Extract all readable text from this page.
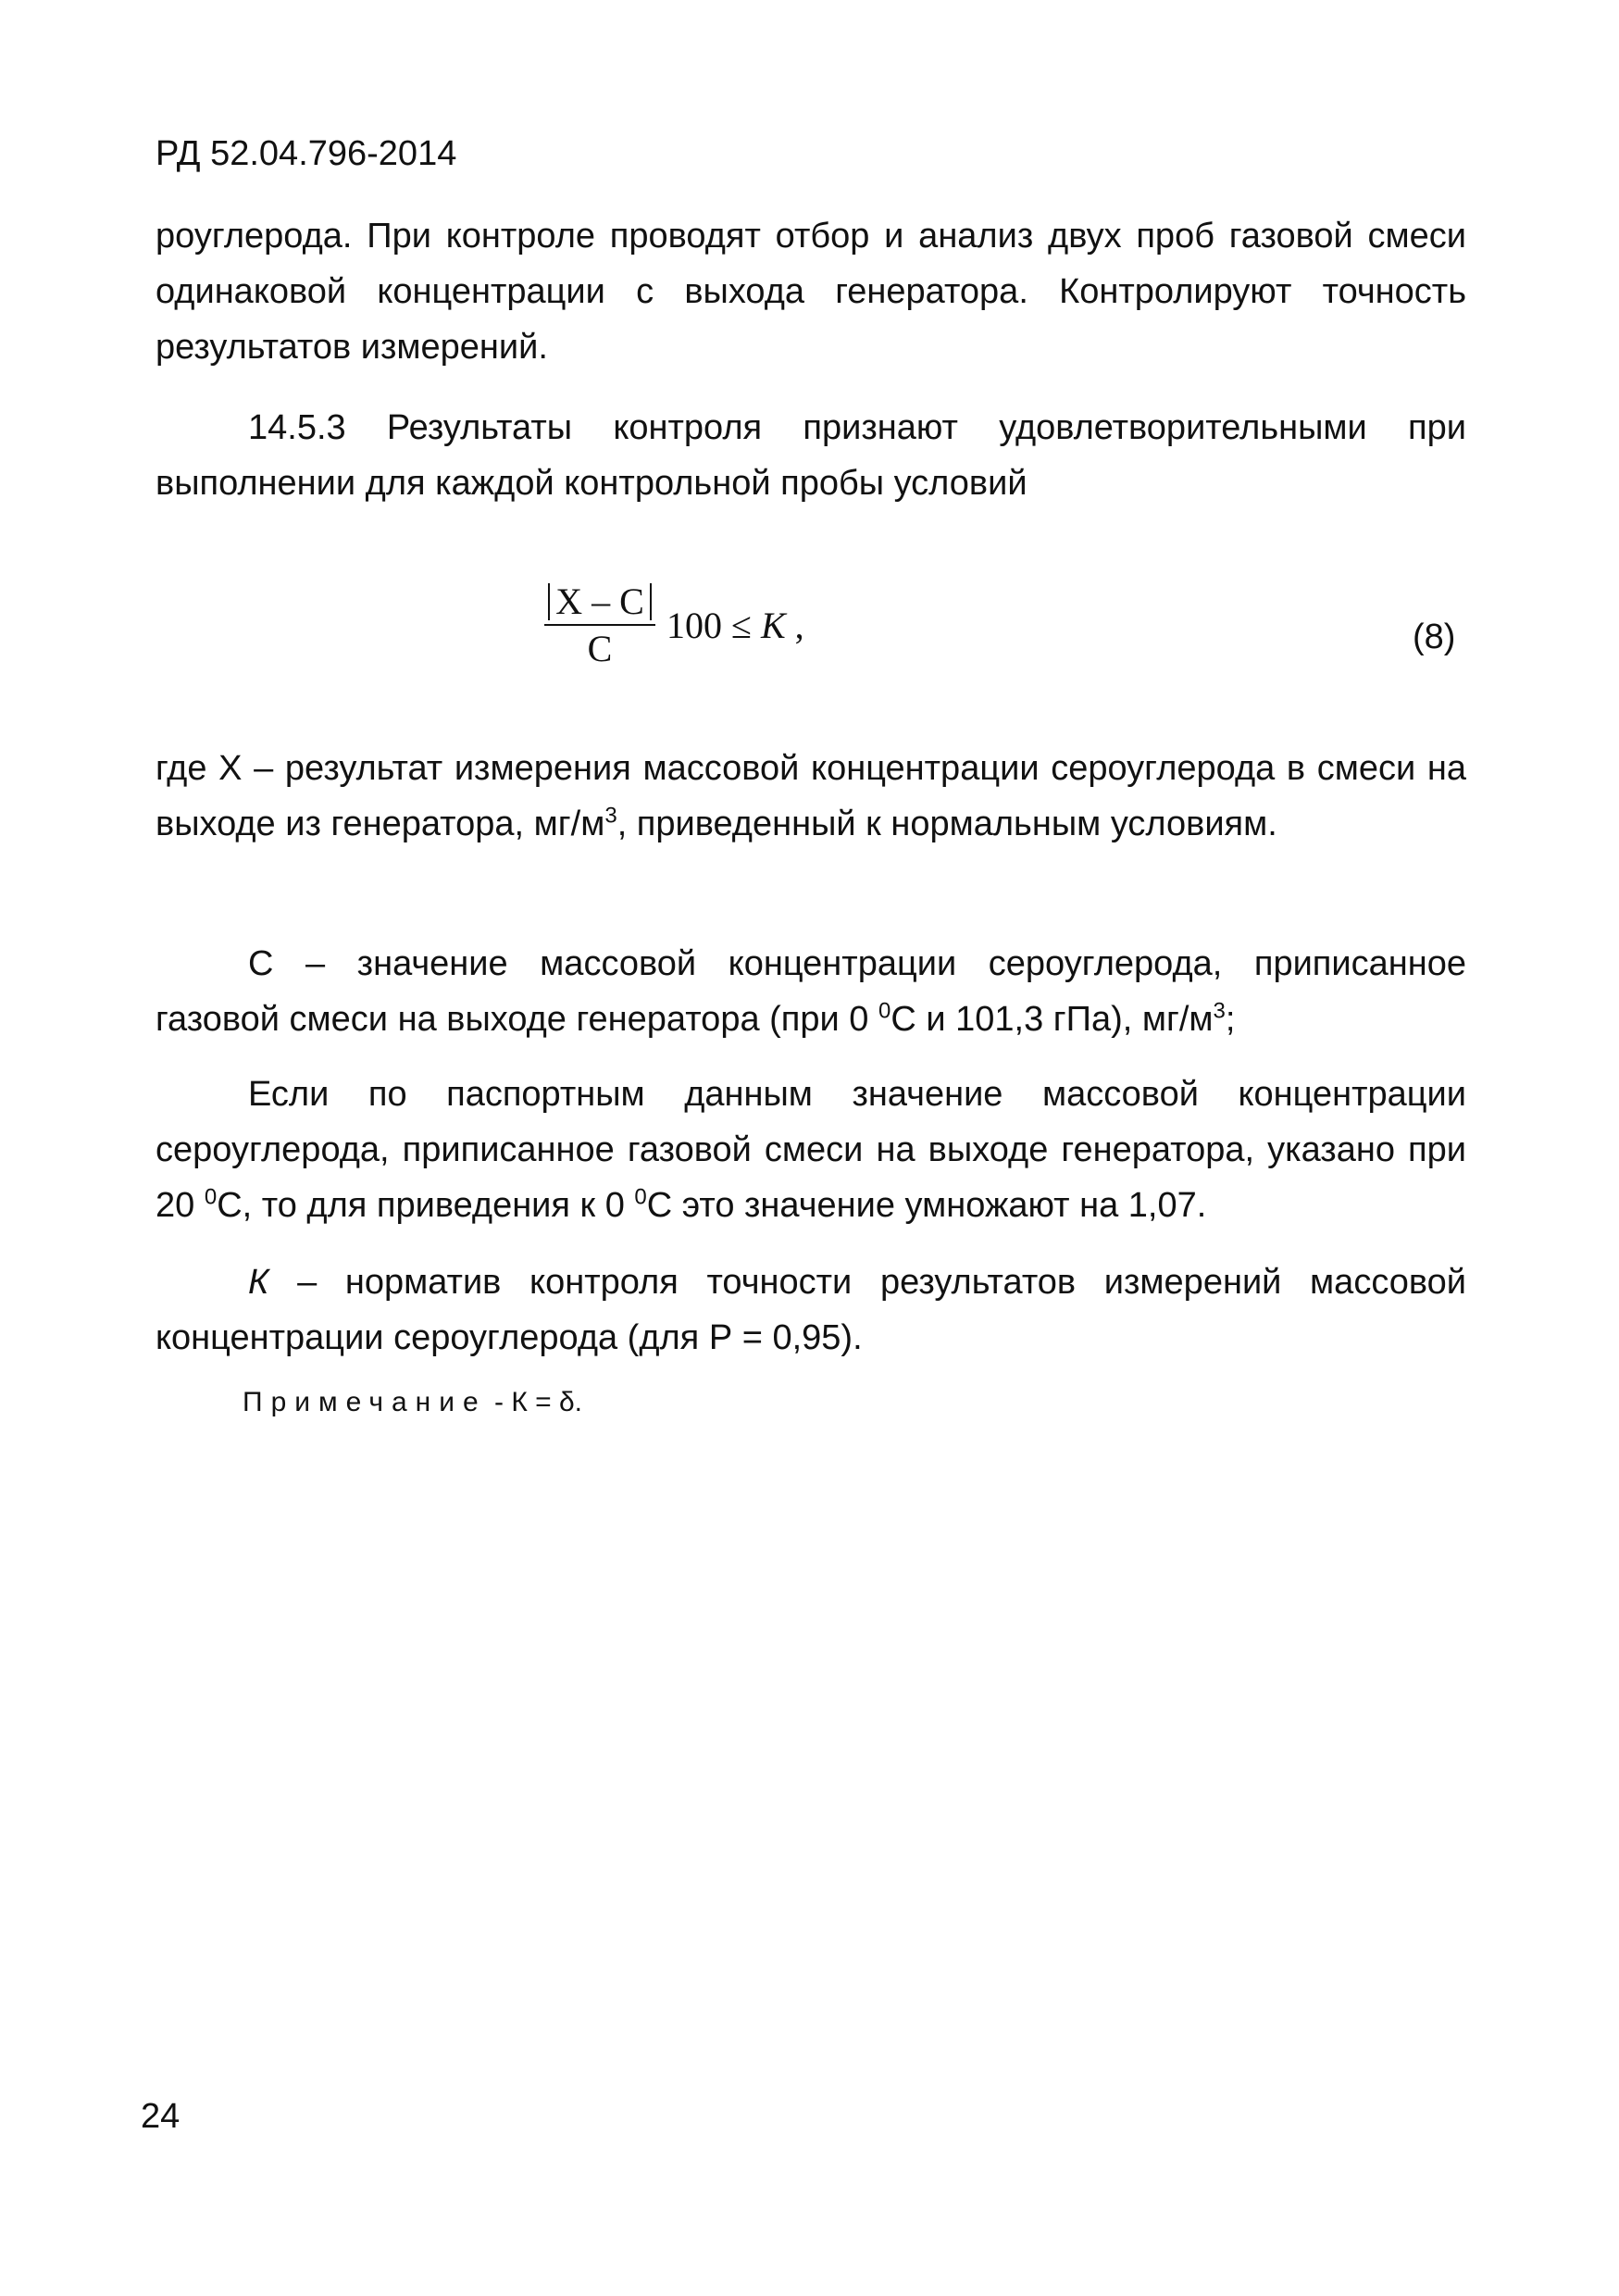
РД 52.04.796-2014
роуглерода. При контроле проводят отбор и анализ двух проб газовой смеси одинаковой концентрации с выхода генератора. Контролируют точность результатов измерений.
14.5.3 Результаты контроля признают удовлетворительными при выполнении для каждой контрольной пробы условий
X – C
C
100 ≤ K ,	(8)
где X – результат измерения массовой концентрации сероуглерода в смеси на выходе из генератора, $мг/м^3$, приведенный к нормальным условиям.
С – значение массовой концентрации сероуглерода, приписанное газовой смеси на выходе генератора (при 0 $^0$С и 101,3 гПа), $мг/м^3$;
Если по паспортным данным значение массовой концентрации сероуглерода, приписанное газовой смеси на выходе генератора, указано при 20 $^0$С, то для приведения к 0 $^0$С это значение умножают на 1,07.
К – норматив контроля точности результатов измерений массовой концентрации сероуглерода (для Р = 0,95).
Примечание - К = δ.
24
